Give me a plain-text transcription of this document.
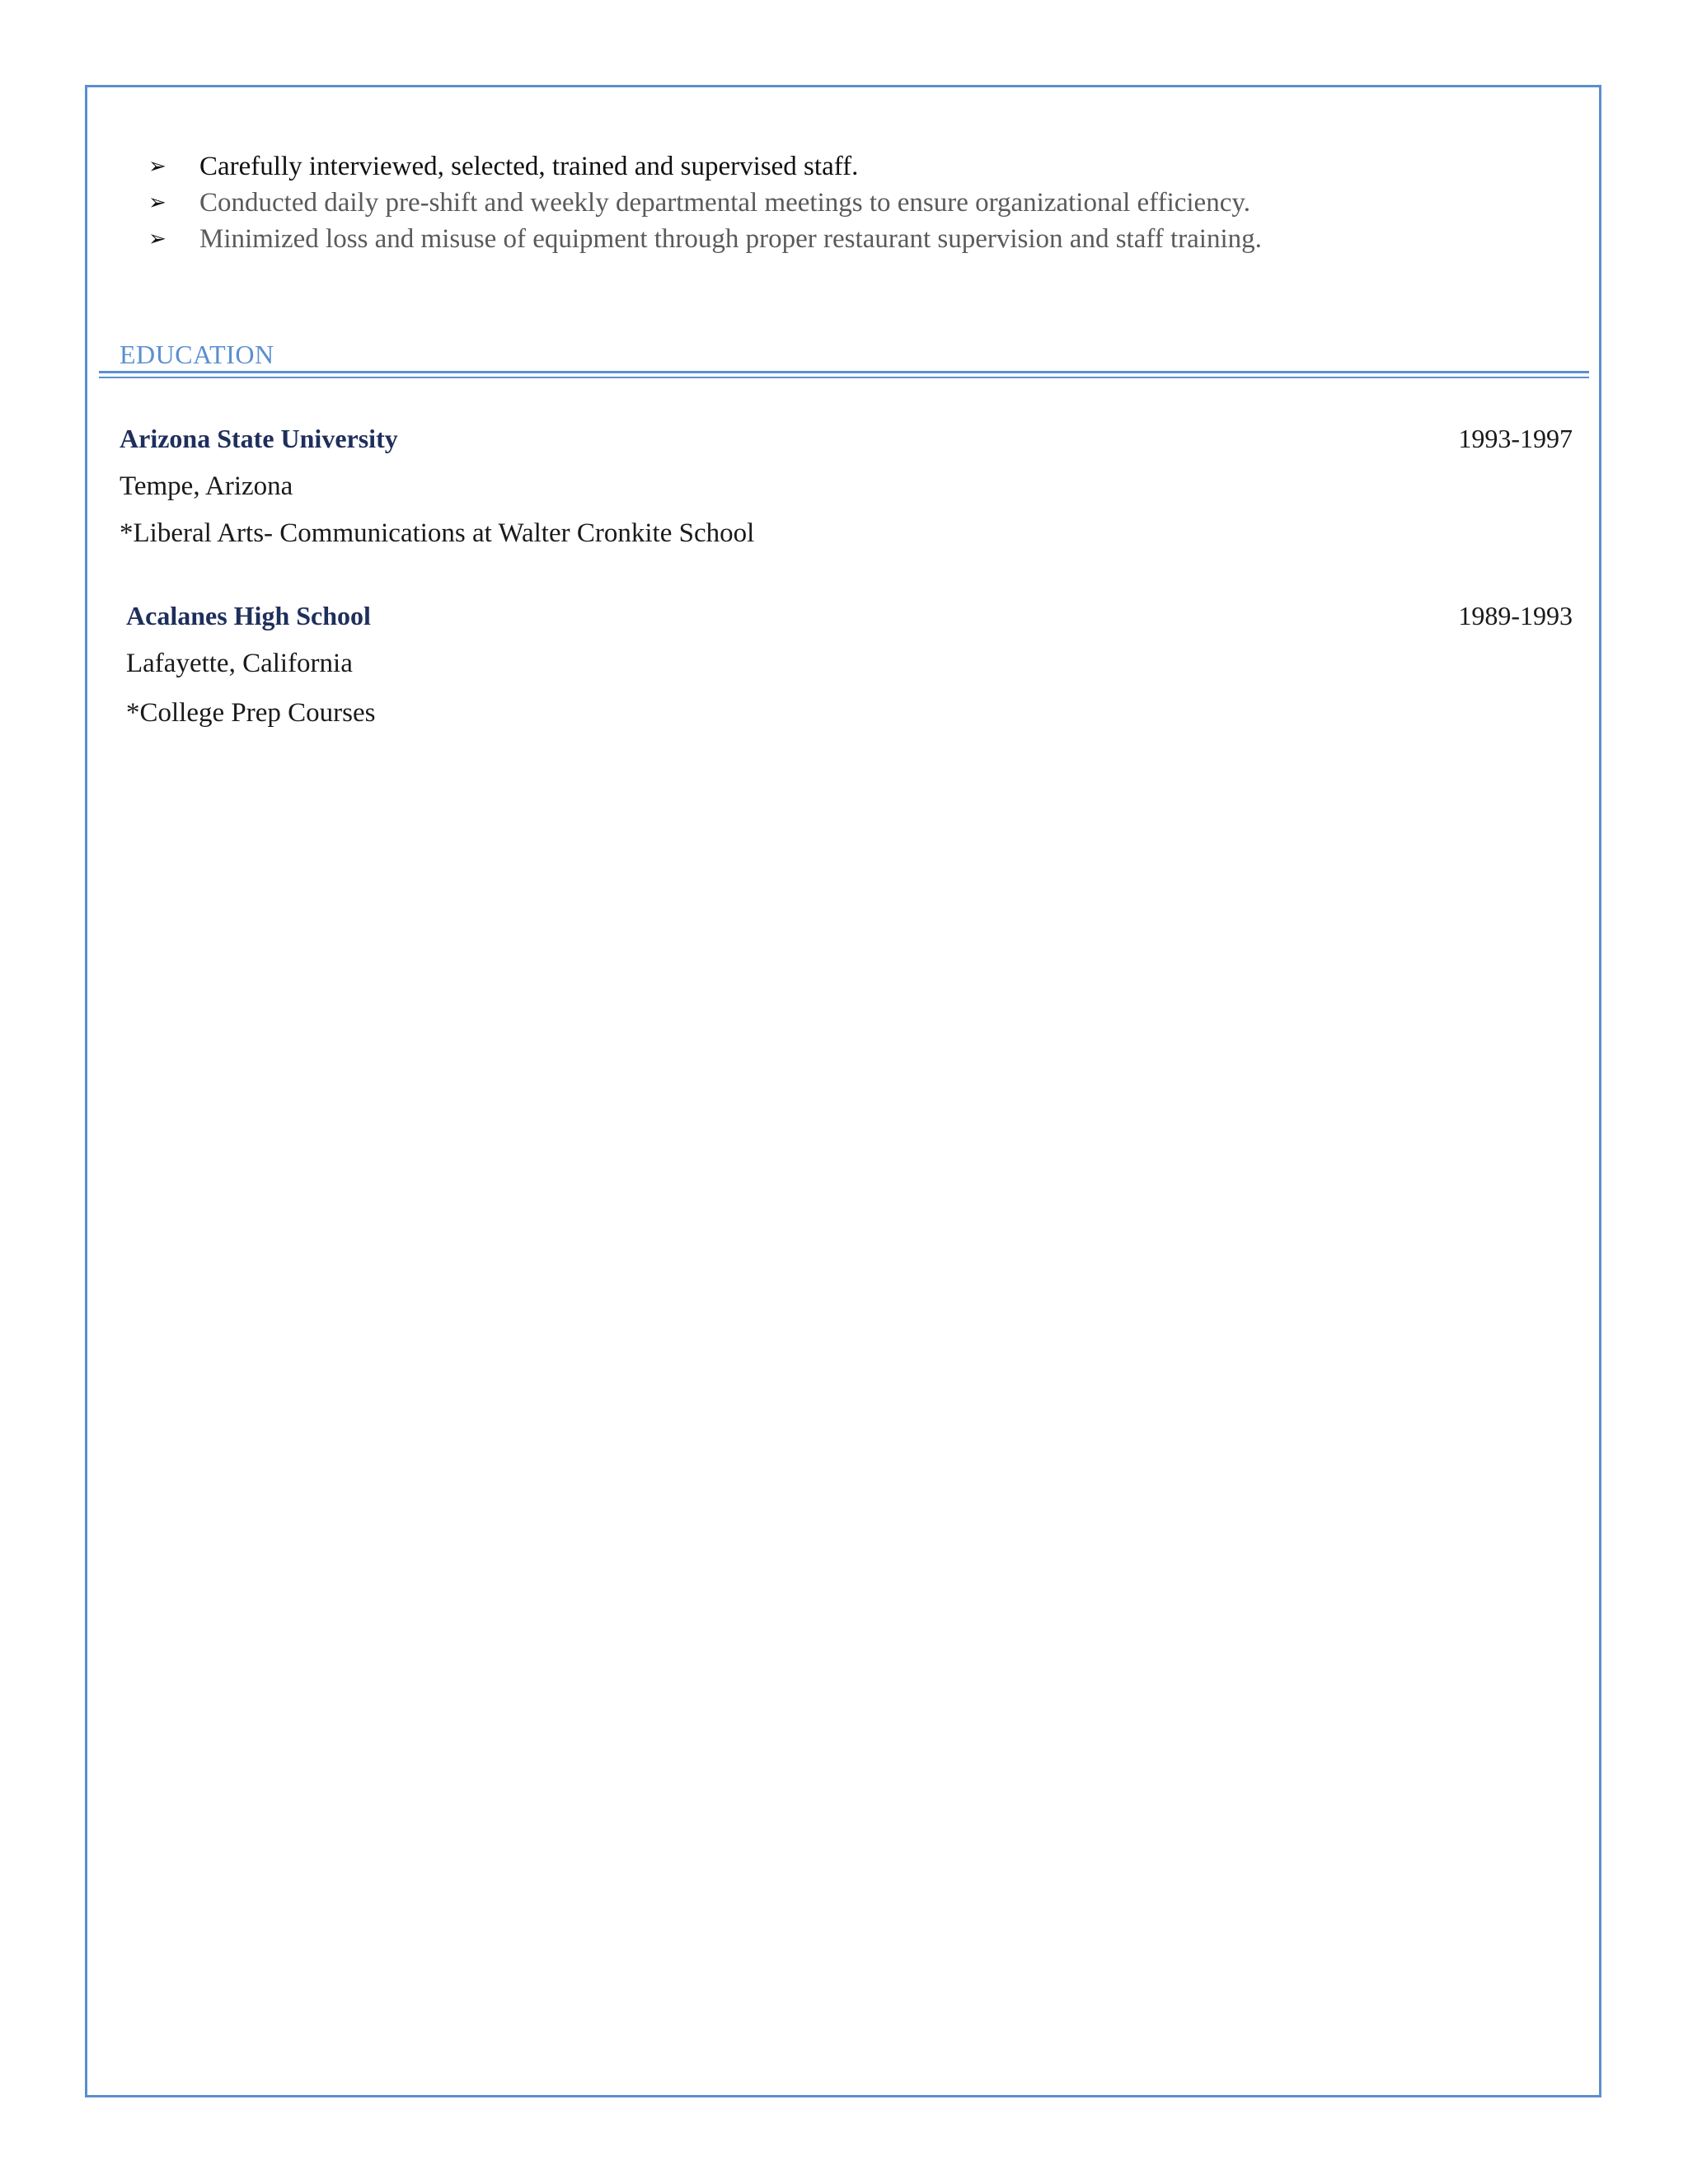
➢ Carefully interviewed, selected, trained and supervised staff.
➢ Conducted daily pre-shift and weekly departmental meetings to ensure organizational efficiency.
➢ Minimized loss and misuse of equipment through proper restaurant supervision and staff training.
EDUCATION
Arizona State University	1993-1997
Tempe, Arizona
*Liberal Arts- Communications at Walter Cronkite School
Acalanes High School	1989-1993
Lafayette, California
*College Prep Courses
